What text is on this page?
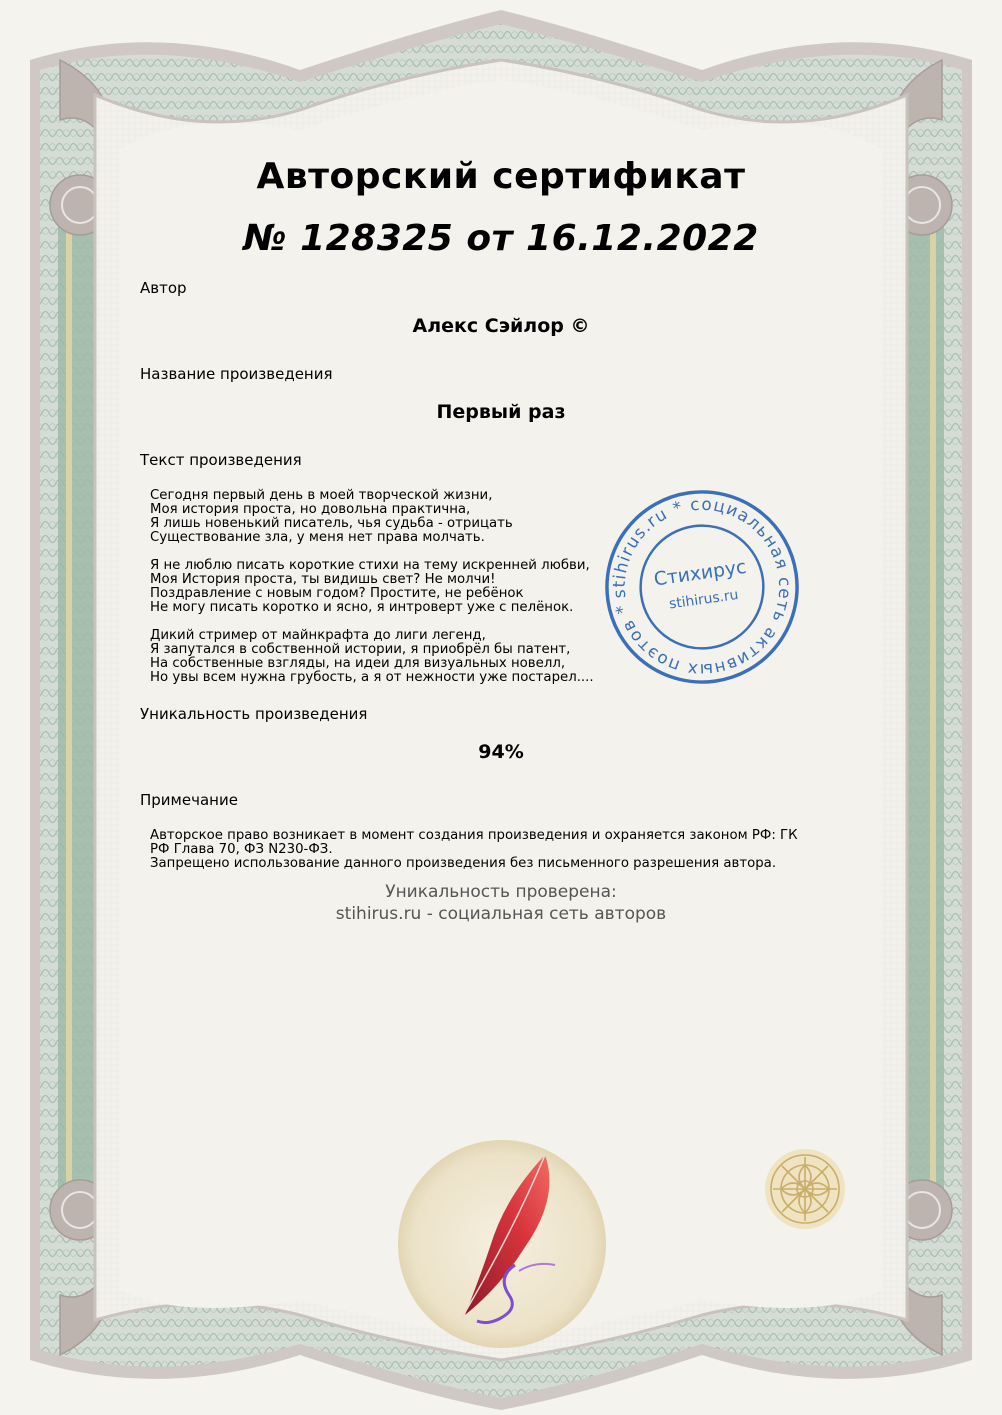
Авторский сертификат
№ 128325 от 16.12.2022
Автор
Алекс Сэйлор ©
Название произведения
Первый раз
Текст произведения
Сегодня первый день в моей творческой жизни,
Моя история проста, но довольна практична,
Я лишь новенький писатель, чья судьба - отрицать
Существование зла, у меня нет права молчать.
Я не люблю писать короткие стихи на тему искренней любви,
Моя История проста, ты видишь свет? Не молчи!
Поздравление с новым годом? Простите, не ребёнок
Не могу писать коротко и ясно, я интроверт уже с пелёнок.
Дикий стример от майнкрафта до лиги легенд,
Я запутался в собственной истории, я приобрёл бы патент,
На собственные взгляды, на идеи для визуальных новелл,
Но увы всем нужна грубость, а я от нежности уже постарел....
stihirus.ru * социальная сеть активных поэтов *
Стихирус
stihirus.ru
Уникальность произведения
94%
Примечание
Авторское право возникает в момент создания произведения и охраняется законом РФ: ГК
РФ Глава 70, ФЗ N230-ФЗ.
Запрещено использование данного произведения без письменного разрешения автора.
Уникальность проверена:
stihirus.ru - социальная сеть авторов
